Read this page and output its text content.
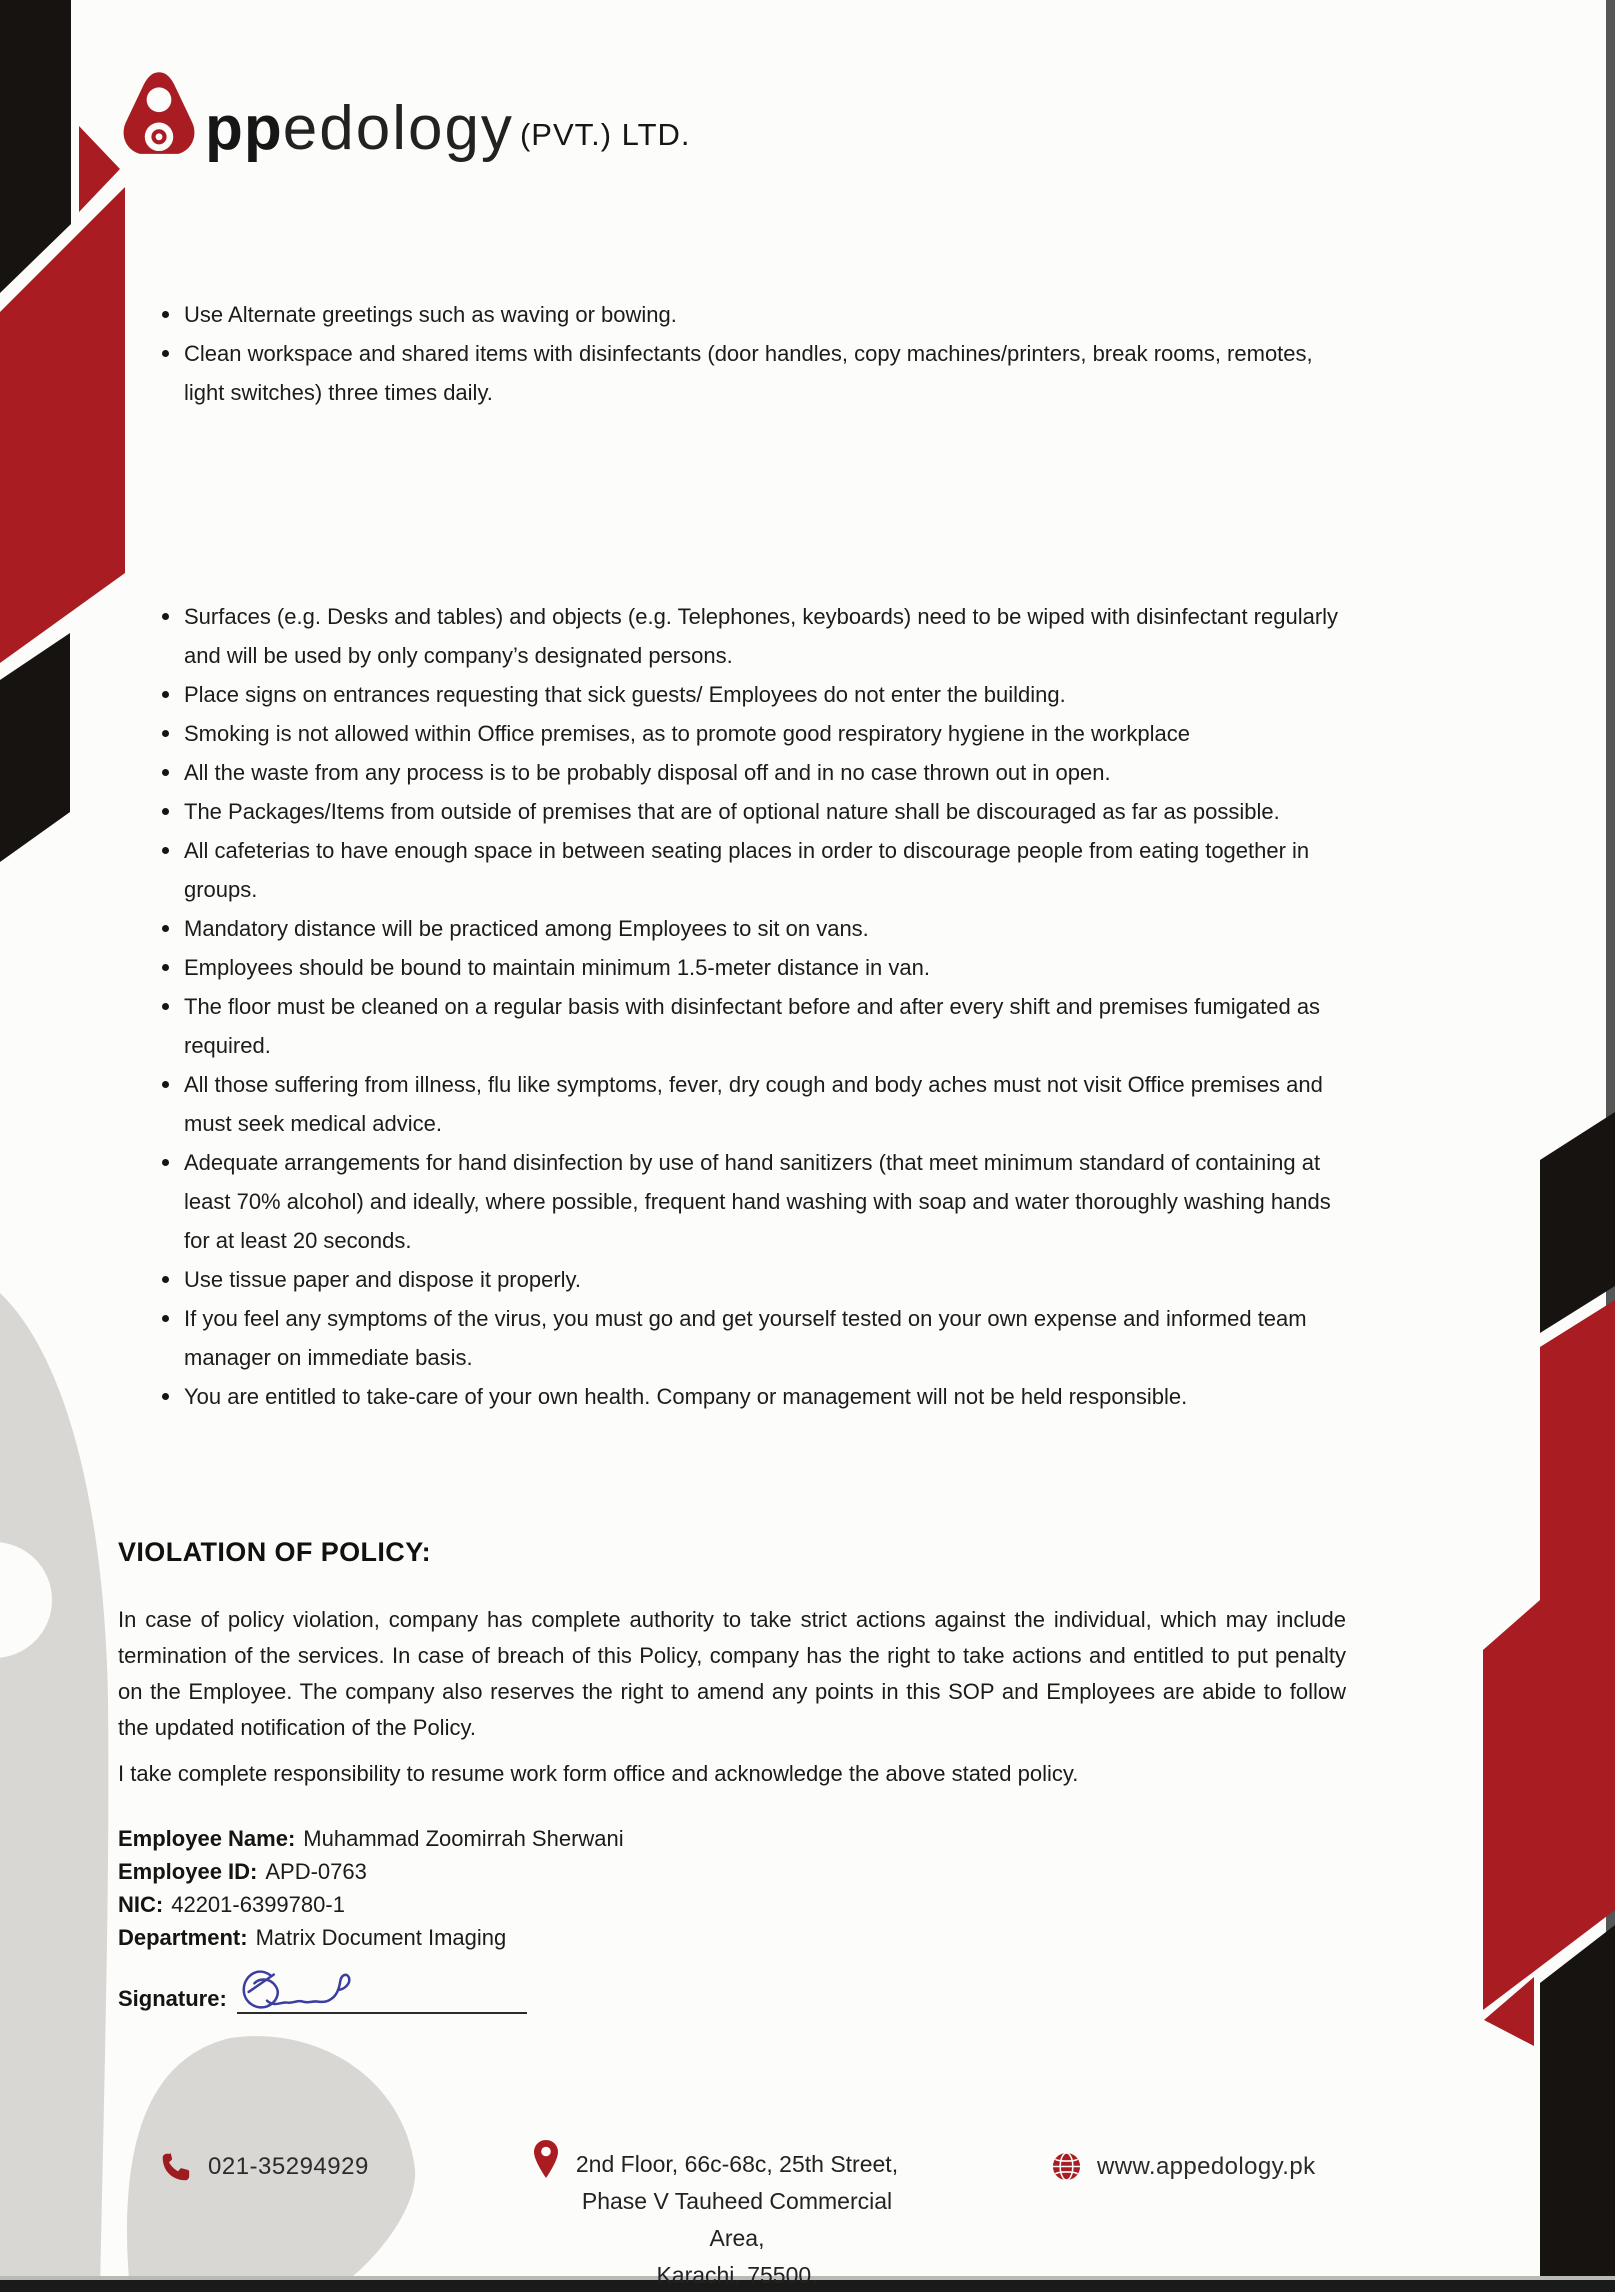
ppedology (PVT.) LTD.
Use Alternate greetings such as waving or bowing.
Clean workspace and shared items with disinfectants (door handles, copy machines/printers, break rooms, remotes, light switches) three times daily.
Surfaces (e.g. Desks and tables) and objects (e.g. Telephones, keyboards) need to be wiped with disinfectant regularly and will be used by only company’s designated persons.
Place signs on entrances requesting that sick guests/ Employees do not enter the building.
Smoking is not allowed within Office premises, as to promote good respiratory hygiene in the workplace
All the waste from any process is to be probably disposal off and in no case thrown out in open.
The Packages/Items from outside of premises that are of optional nature shall be discouraged as far as possible.
All cafeterias to have enough space in between seating places in order to discourage people from eating together in groups.
Mandatory distance will be practiced among Employees to sit on vans.
Employees should be bound to maintain minimum 1.5-meter distance in van.
The floor must be cleaned on a regular basis with disinfectant before and after every shift and premises fumigated as required.
All those suffering from illness, flu like symptoms, fever, dry cough and body aches must not visit Office premises and must seek medical advice.
Adequate arrangements for hand disinfection by use of hand sanitizers (that meet minimum standard of containing at least 70% alcohol) and ideally, where possible, frequent hand washing with soap and water thoroughly washing hands for at least 20 seconds.
Use tissue paper and dispose it properly.
If you feel any symptoms of the virus, you must go and get yourself tested on your own expense and informed team manager on immediate basis.
You are entitled to take-care of your own health. Company or management will not be held responsible.
VIOLATION OF POLICY:
In case of policy violation, company has complete authority to take strict actions against the individual, which may include termination of the services. In case of breach of this Policy, company has the right to take actions and entitled to put penalty on the Employee. The company also reserves the right to amend any points in this SOP and Employees are abide to follow the updated notification of the Policy.
I take complete responsibility to resume work form office and acknowledge the above stated policy.
Employee Name: Muhammad Zoomirrah Sherwani
Employee ID: APD-0763
NIC: 42201-6399780-1
Department: Matrix Document Imaging
Signature:
021-35294929	2nd Floor, 66c-68c, 25th Street,
Phase V Tauheed Commercial Area,
Karachi, 75500.
www.appedology.pk
